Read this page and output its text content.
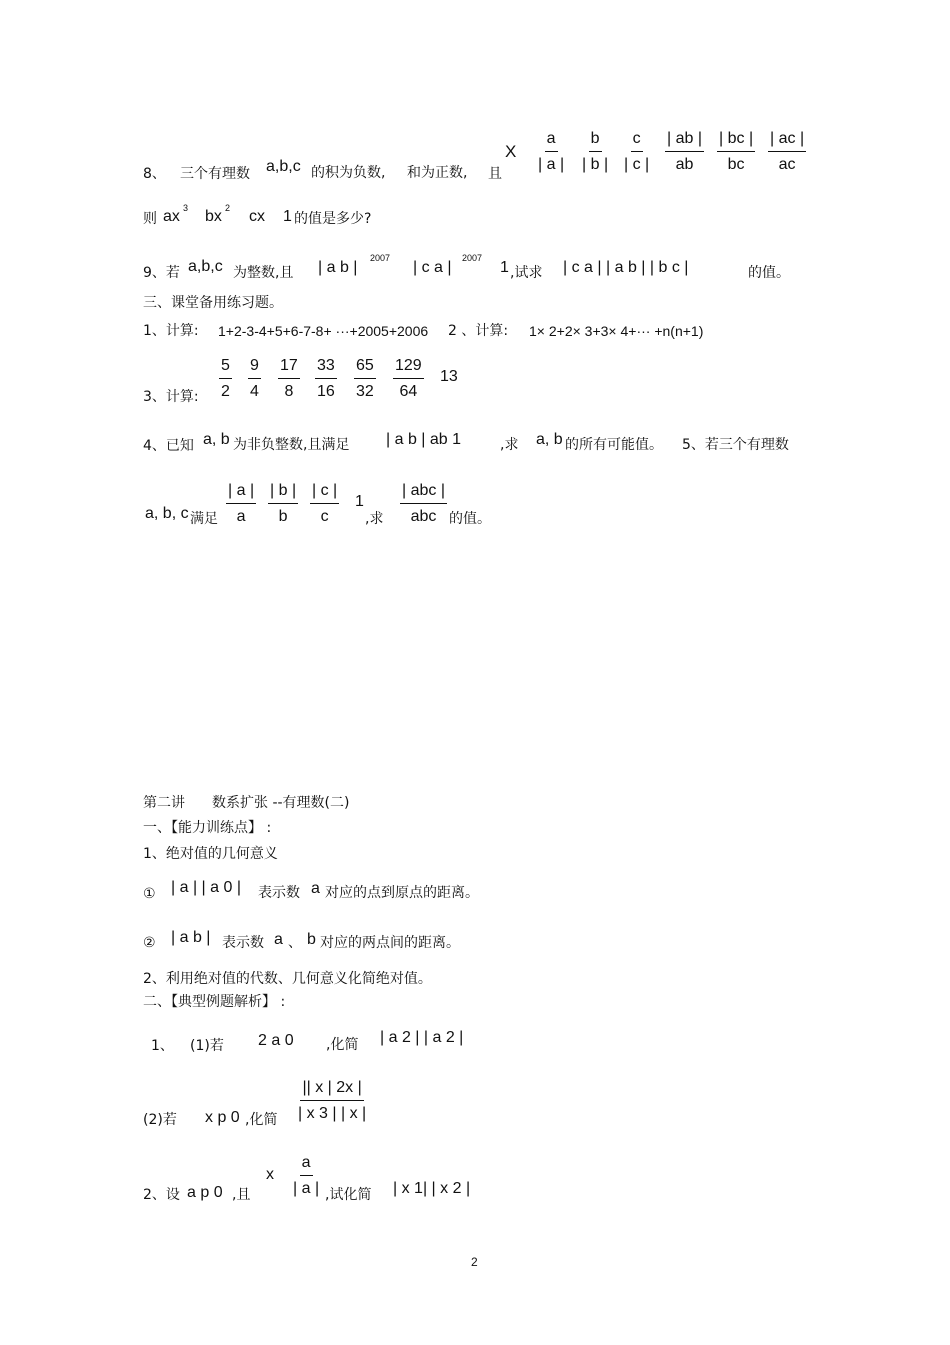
8、 三个有理数 a,b,c 的积为负数, 和为正数, 且
X $\frac{a}{| a |} \frac{b}{| b |} \frac{c}{| c |} \frac{| ab |}{ab} \frac{| bc |}{bc} \frac{| ac |}{ac}$
则 ax 3 bx 2 cx 1 的值是多少?
9、若 a,b,c 为整数,且 | a b |
2007
| c a |
2007
1 ,试求 | c a | | a b | | b c |	的值。
三、课堂备用练习题。
1、计算: 1+2-3-4+5+6-7-8+ ···+2005+2006 2 、计算: 1× 2+2× 3+3× 4+··· +n(n+1)
3、计算: $\frac{5}{2} \frac{9}{4} \frac{17}{8} \frac{33}{16} \frac{65}{32} \frac{129}{64} 13$
4、已知 a, b 为非负整数,且满足 | a b | ab 1	,求 a, b 的所有可能值。 5、若三个有理数
a, b, c 满足 $\frac{| a |}{a} \frac{| b |}{b} \frac{| c |}{c} 1$
,求
| abc |
abc 的值。
第二讲 数系扩张 --有理数(二)
一、【能力训练点】 :
1、绝对值的几何意义
① | a | | a 0 | 表示数 a 对应的点到原点的距离。
② | a b | 表示数 a 、 b 对应的两点间的距离。
2、利用绝对值的代数、几何意义化简绝对值。
二、【典型例题解析】 :
1、 (1)若 2 a 0 ,化简 | a 2 | | a 2 |
(2)若 x p 0 ,化简 $\frac{|| x | 2x |}{| x 3 | | x |}$
2、设 a p 0 ,且
x $\frac{a}{| a |}$ ,试化简 | x 1| | x 2 |
2
